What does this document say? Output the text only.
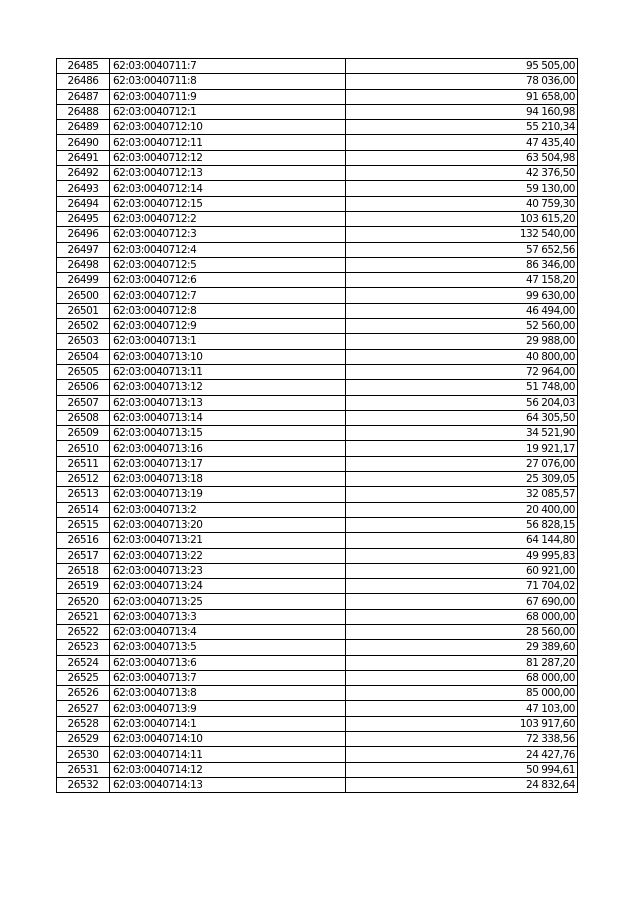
26485	62:03:0040711:7	95 505,00
26486	62:03:0040711:8	78 036,00
26487	62:03:0040711:9	91 658,00
26488	62:03:0040712:1	94 160,98
26489	62:03:0040712:10	55 210,34
26490	62:03:0040712:11	47 435,40
26491	62:03:0040712:12	63 504,98
26492	62:03:0040712:13	42 376,50
26493	62:03:0040712:14	59 130,00
26494	62:03:0040712:15	40 759,30
26495	62:03:0040712:2	103 615,20
26496	62:03:0040712:3	132 540,00
26497	62:03:0040712:4	57 652,56
26498	62:03:0040712:5	86 346,00
26499	62:03:0040712:6	47 158,20
26500	62:03:0040712:7	99 630,00
26501	62:03:0040712:8	46 494,00
26502	62:03:0040712:9	52 560,00
26503	62:03:0040713:1	29 988,00
26504	62:03:0040713:10	40 800,00
26505	62:03:0040713:11	72 964,00
26506	62:03:0040713:12	51 748,00
26507	62:03:0040713:13	56 204,03
26508	62:03:0040713:14	64 305,50
26509	62:03:0040713:15	34 521,90
26510	62:03:0040713:16	19 921,17
26511	62:03:0040713:17	27 076,00
26512	62:03:0040713:18	25 309,05
26513	62:03:0040713:19	32 085,57
26514	62:03:0040713:2	20 400,00
26515	62:03:0040713:20	56 828,15
26516	62:03:0040713:21	64 144,80
26517	62:03:0040713:22	49 995,83
26518	62:03:0040713:23	60 921,00
26519	62:03:0040713:24	71 704,02
26520	62:03:0040713:25	67 690,00
26521	62:03:0040713:3	68 000,00
26522	62:03:0040713:4	28 560,00
26523	62:03:0040713:5	29 389,60
26524	62:03:0040713:6	81 287,20
26525	62:03:0040713:7	68 000,00
26526	62:03:0040713:8	85 000,00
26527	62:03:0040713:9	47 103,00
26528	62:03:0040714:1	103 917,60
26529	62:03:0040714:10	72 338,56
26530	62:03:0040714:11	24 427,76
26531	62:03:0040714:12	50 994,61
26532	62:03:0040714:13	24 832,64
